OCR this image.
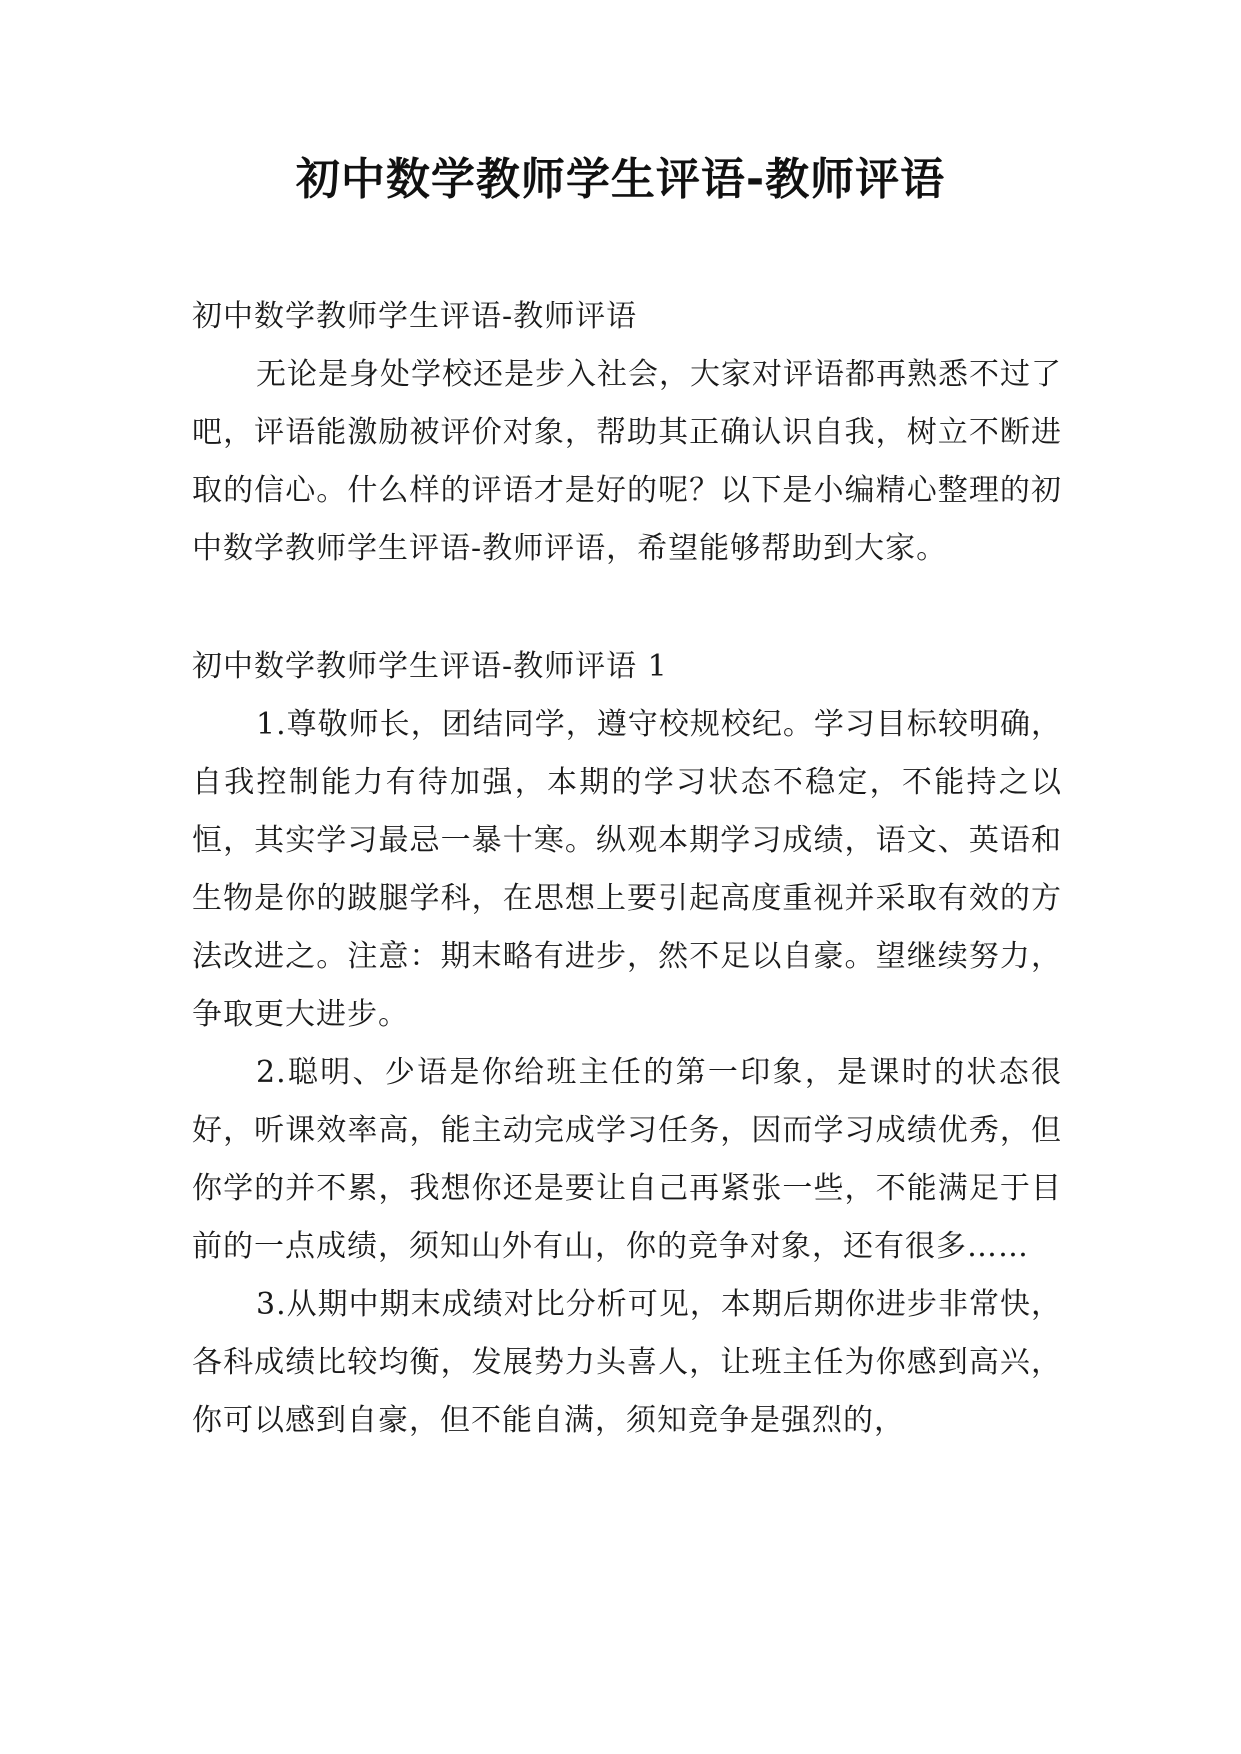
初中数学教师学生评语-教师评语

初中数学教师学生评语-教师评语

无论是身处学校还是步入社会，大家对评语都再熟悉不过了吧，评语能激励被评价对象，帮助其正确认识自我，树立不断进取的信心。什么样的评语才是好的呢？以下是小编精心整理的初中数学教师学生评语-教师评语，希望能够帮助到大家。

初中数学教师学生评语-教师评语 1

1.尊敬师长，团结同学，遵守校规校纪。学习目标较明确，自我控制能力有待加强，本期的学习状态不稳定，不能持之以恒，其实学习最忌一暴十寒。纵观本期学习成绩，语文、英语和生物是你的跛腿学科，在思想上要引起高度重视并采取有效的方法改进之。注意：期末略有进步，然不足以自豪。望继续努力，争取更大进步。

2.聪明、少语是你给班主任的第一印象，是课时的状态很好，听课效率高，能主动完成学习任务，因而学习成绩优秀，但你学的并不累，我想你还是要让自己再紧张一些，不能满足于目前的一点成绩，须知山外有山，你的竞争对象，还有很多……

3.从期中期末成绩对比分析可见，本期后期你进步非常快，各科成绩比较均衡，发展势力头喜人，让班主任为你感到高兴，你可以感到自豪，但不能自满，须知竞争是强烈的，
